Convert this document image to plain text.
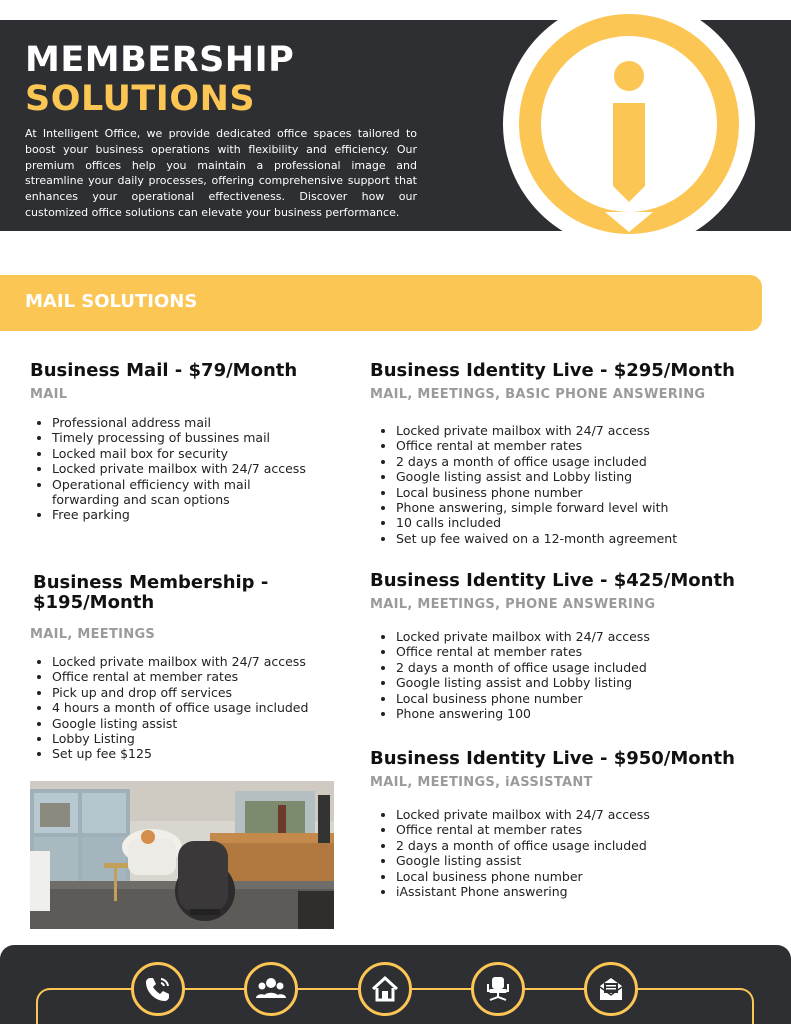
MEMBERSHIP
SOLUTIONS

At Intelligent Office, we provide dedicated office spaces tailored to boost your business operations with flexibility and efficiency. Our premium offices help you maintain a professional image and streamline your daily processes, offering comprehensive support that enhances your operational effectiveness. Discover how our customized office solutions can elevate your business performance.

MAIL SOLUTIONS
Business Mail - $79/Month
MAIL
Professional address mail
Timely processing of bussines mail
Locked mail box for security
Locked private mailbox with 24/7 access
Operational efficiency with mail forwarding and scan options
Free parking
Business Membership - $195/Month
MAIL, MEETINGS
Locked private mailbox with 24/7 access
Office rental at member rates
Pick up and drop off services
4 hours a month of office usage included
Google listing assist
Lobby Listing
Set up fee $125
Business Identity Live - $295/Month
MAIL, MEETINGS, BASIC PHONE ANSWERING
Locked private mailbox with 24/7 access
Office rental at member rates
2 days a month of office usage included
Google listing assist and Lobby listing
Local business phone number
Phone answering, simple forward level with
10 calls included
Set up fee waived on a 12-month agreement
Business Identity Live - $425/Month
MAIL, MEETINGS, PHONE ANSWERING
Locked private mailbox with 24/7 access
Office rental at member rates
2 days a month of office usage included
Google listing assist and Lobby listing
Local business phone number
Phone answering 100
Business Identity Live - $950/Month
MAIL, MEETINGS, iASSISTANT
Locked private mailbox with 24/7 access
Office rental at member rates
2 days a month of office usage included
Google listing assist
Local business phone number
iAssistant Phone answering
